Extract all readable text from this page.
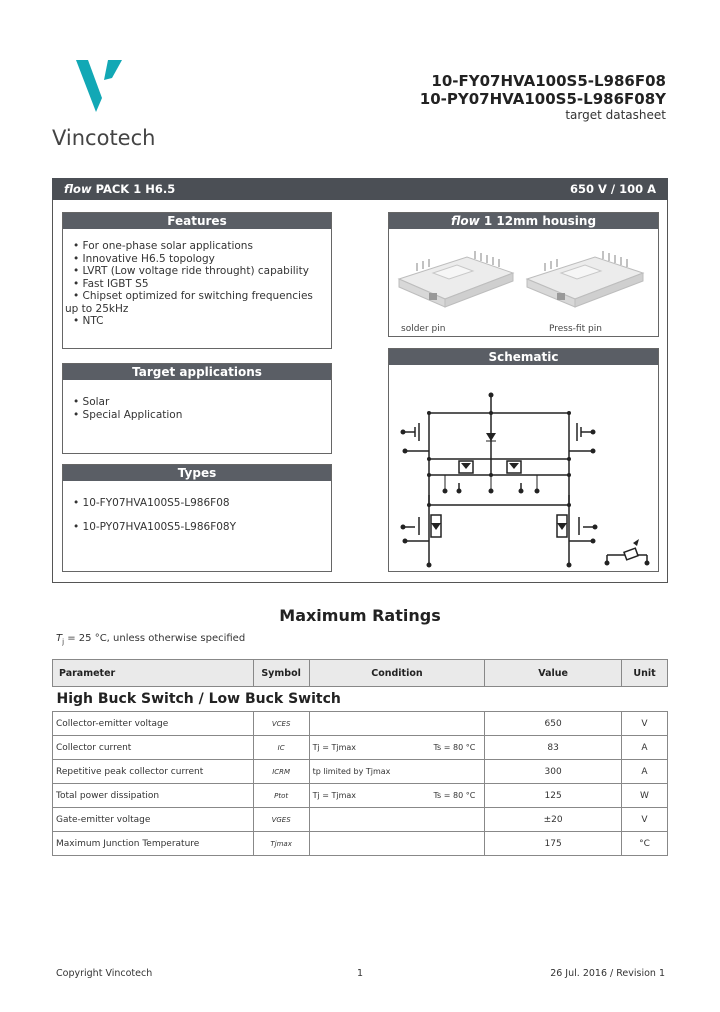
Vincotech
10-FY07HVA100S5-L986F08
10-PY07HVA100S5-L986F08Y
target datasheet
flow PACK 1 H6.5	650 V / 100 A
Features
• For one-phase solar applications
• Innovative H6.5 topology
• LVRT (Low voltage ride throught) capability
• Fast IGBT S5
• Chipset optimized for switching frequencies
up to 25kHz
• NTC
flow 1 12mm housing
solder pin	Press-fit pin
Target applications
• Solar
• Special Application
Types
• 10-FY07HVA100S5-L986F08
• 10-PY07HVA100S5-L986F08Y
Schematic
Maximum Ratings
$T_j = 25$ °C, unless otherwise specified
Parameter	Symbol	Condition	Value	Unit
High Buck Switch / Low Buck Switch				
Collector-emitter voltage	VCES		650	V
Collector current	IC	Tj = Tjmax Ts = 80 °C	83	A
Repetitive peak collector current	ICRM	tp limited by Tjmax	300	A
Total power dissipation	Ptot	Tj = Tjmax Ts = 80 °C	125	W
Gate-emitter voltage	VGES		±20	V
Maximum Junction Temperature	Tjmax		175	°C
Copyright Vincotech	1	26 Jul. 2016 / Revision 1
